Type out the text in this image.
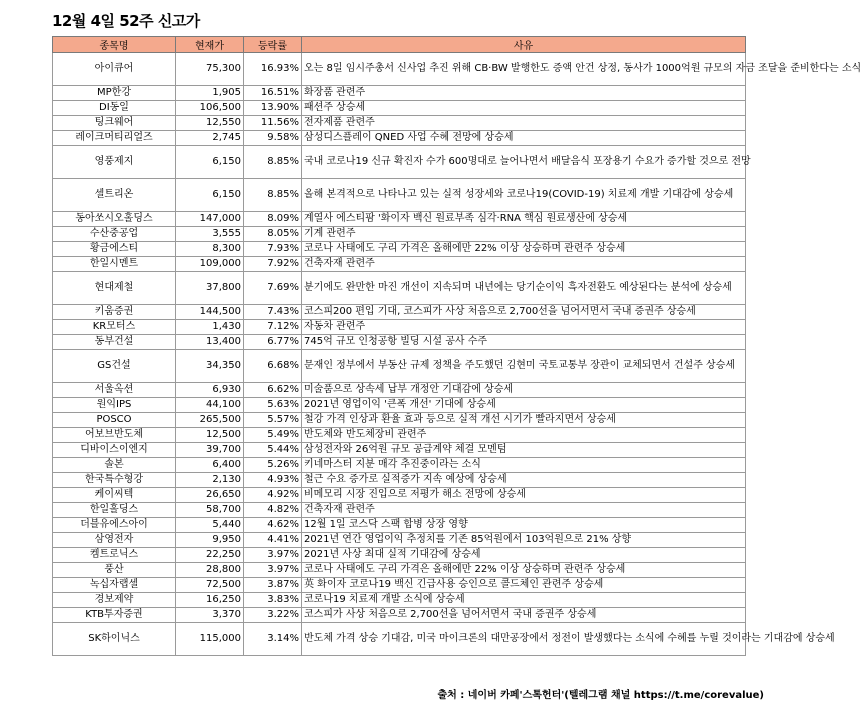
12월 4일 52주 신고가
종목명	현재가	등락률	사유
아이큐어	75,300	16.93%	오는 8일 임시주총서 신사업 추진 위해 CB·BW 발행한도 증액 안건 상정, 동사가 1000억원 규모의 자금 조달을 준비한다는 소식
MP한강	1,905	16.51%	화장품 관련주
DI동일	106,500	13.90%	패션주 상승세
팅크웨어	12,550	11.56%	전자제품 관련주
레이크머티리얼즈	2,745	9.58%	삼성디스플레이 QNED 사업 수혜 전망에 상승세
영풍제지	6,150	8.85%	국내 코로나19 신규 확진자 수가 600명대로 늘어나면서 배달음식 포장용기 수요가 증가할 것으로 전망
셀트리온	6,150	8.85%	올해 본격적으로 나타나고 있는 실적 성장세와 코로나19(COVID-19) 치료제 개발 기대감에 상승세
동아쏘시오홀딩스	147,000	8.09%	계열사 에스티팜 '화이자 백신 원료부족 심각·RNA 핵심 원료생산에 상승세
수산중공업	3,555	8.05%	기계 관련주
황금에스티	8,300	7.93%	코로나 사태에도 구리 가격은 올해에만 22% 이상 상승하며 관련주 상승세
한일시멘트	109,000	7.92%	건축자재 관련주
현대제철	37,800	7.69%	분기에도 완만한 마진 개선이 지속되며 내년에는 당기순이익 흑자전환도 예상된다는 분석에 상승세
키움증권	144,500	7.43%	코스피200 편입 기대, 코스피가 사상 처음으로 2,700선을 넘어서면서 국내 증권주 상승세
KR모터스	1,430	7.12%	자동차 관련주
동부건설	13,400	6.77%	745억 규모 인청공항 빌딩 시설 공사 수주
GS건설	34,350	6.68%	문재인 정부에서 부동산 규제 정책을 주도했던 김현미 국토교통부 장관이 교체되면서 건설주 상승세
서울옥션	6,930	6.62%	미술품으로 상속세 납부 개정안 기대감에 상승세
원익IPS	44,100	5.63%	2021년 영업이익 '큰폭 개선' 기대에 상승세
POSCO	265,500	5.57%	철강 가격 인상과 환율 효과 등으로 실적 개선 시기가 빨라지면서 상승세
어보브반도체	12,500	5.49%	반도체와 반도체장비 관련주
디바이스이엔지	39,700	5.44%	삼성전자와 26억원 규모 공급계약 체결 모멘텀
솔본	6,400	5.26%	키네마스터 지분 매각 추진중이라는 소식
한국특수형강	2,130	4.93%	철근 수요 증가로 실적증가 지속 예상에 상승세
케이씨텍	26,650	4.92%	비메모리 시장 진입으로 저평가 해소 전망에 상승세
한일홀딩스	58,700	4.82%	건축자재 관련주
더블유에스아이	5,440	4.62%	12월 1일 코스닥 스팩 합병 상장 영향
삼영전자	9,950	4.41%	2021년 연간 영업이익 추정치를 기존 85억원에서 103억원으로 21% 상향
켐트로닉스	22,250	3.97%	2021년 사상 최대 실적 기대감에 상승세
풍산	28,800	3.97%	코로나 사태에도 구리 가격은 올해에만 22% 이상 상승하며 관련주 상승세
녹십자랩셀	72,500	3.87%	英 화이자 코로나19 백신 긴급사용 승인으로 콜드체인 관련주 상승세
경보제약	16,250	3.83%	코로나19 치료제 개발 소식에 상승세
KTB투자증권	3,370	3.22%	코스피가 사상 처음으로 2,700선을 넘어서면서 국내 증권주 상승세
SK하이닉스	115,000	3.14%	반도체 가격 상승 기대감, 미국 마이크론의 대만공장에서 정전이 발생했다는 소식에 수혜를 누릴 것이라는 기대감에 상승세
출처 : 네이버 카페'스톡헌터'(텔레그램 채널 https://t.me/corevalue)
